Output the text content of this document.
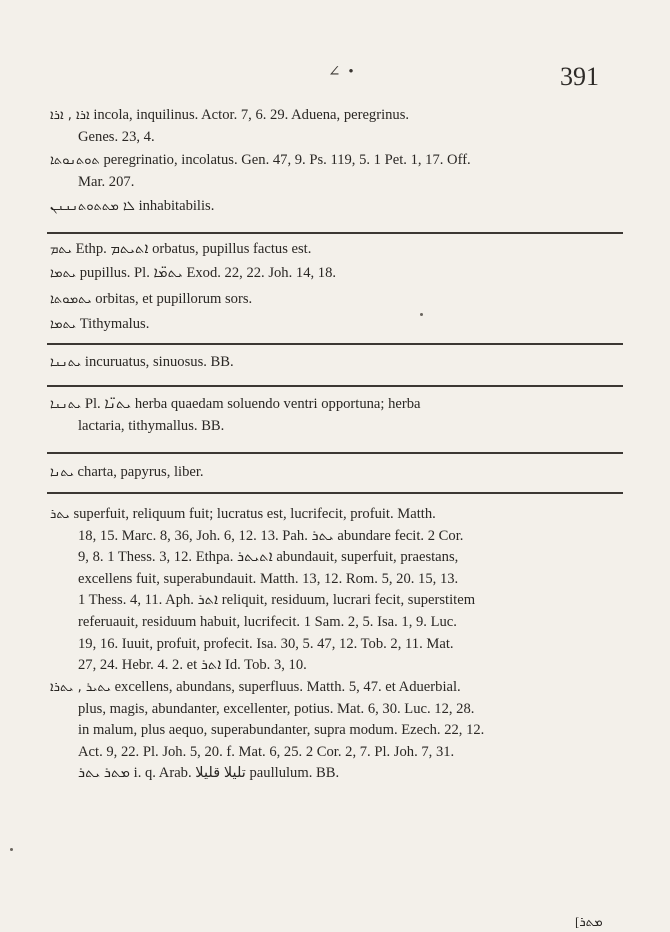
∠ •	391
ܐܪܐ , ܐܪܐ incola, inquilinus. Actor. 7, 6. 29. Aduena, peregrinus.
Genes. 23, 4.
ܬܘܬܢܘܬܐ peregrinatio, incolatus. Gen. 47, 9. Ps. 119, 5. 1 Pet. 1, 17. Off.
Mar. 207.
ܠܐ ܡܬܬܘܬܢܢܢܢ inhabitabilis.
ܝܬܡ Ethp. ܐܬܝܬܡ orbatus, pupillus factus est.
ܝܬܡܐ pupillus. Pl. ܝܬܡ̈ܐ Exod. 22, 22. Joh. 14, 18.
ܝܬܡܘܬܐ orbitas, et pupillorum sors.
ܝܬܡܐ Tithymalus.
ܝܬܢܢܐ incuruatus, sinuosus. BB.
ܝܬܢܢܐ Pl. ܝܬܢ̈ܐ herba quaedam soluendo ventri opportuna; herba
lactaria, tithymallus. BB.
ܝܬܢܐ charta, papyrus, liber.
ܝܬܪ superfuit, reliquum fuit; lucratus est, lucrifecit, profuit. Matth.
18, 15. Marc. 8, 36, Joh. 6, 12. 13. Pah. ܝܬܪ abundare fecit. 2 Cor.
9, 8. 1 Thess. 3, 12. Ethpa. ܐܬܝܬܪ abundauit, superfuit, praestans,
excellens fuit, superabundauit. Matth. 13, 12. Rom. 5, 20. 15, 13.
1 Thess. 4, 11. Aph. ܐܬܪ reliquit, residuum, lucrari fecit, superstitem
referuauit, residuum habuit, lucrifecit. 1 Sam. 2, 5. Isa. 1, 9. Luc.
19, 16. Iuuit, profuit, profecit. Isa. 30, 5. 47, 12. Tob. 2, 11. Mat.
27, 24. Hebr. 4. 2. et ܐܬܪ Id. Tob. 3, 10.
ܝܬܝܪ , ܝܬܪܐ excellens, abundans, superfluus. Matth. 5, 47. et Aduerbial.
plus, magis, abundanter, excellenter, potius. Mat. 6, 30. Luc. 12, 28.
in malum, plus aequo, superabundanter, supra modum. Ezech. 22, 12.
Act. 9, 22. Pl. Joh. 5, 20. f. Mat. 6, 25. 2 Cor. 2, 7. Pl. Joh. 7, 31.
ܡܬܪ ܝܬܪ i. q. Arab. تليلا قليلا paullulum. BB.
[ܡܬܪ
